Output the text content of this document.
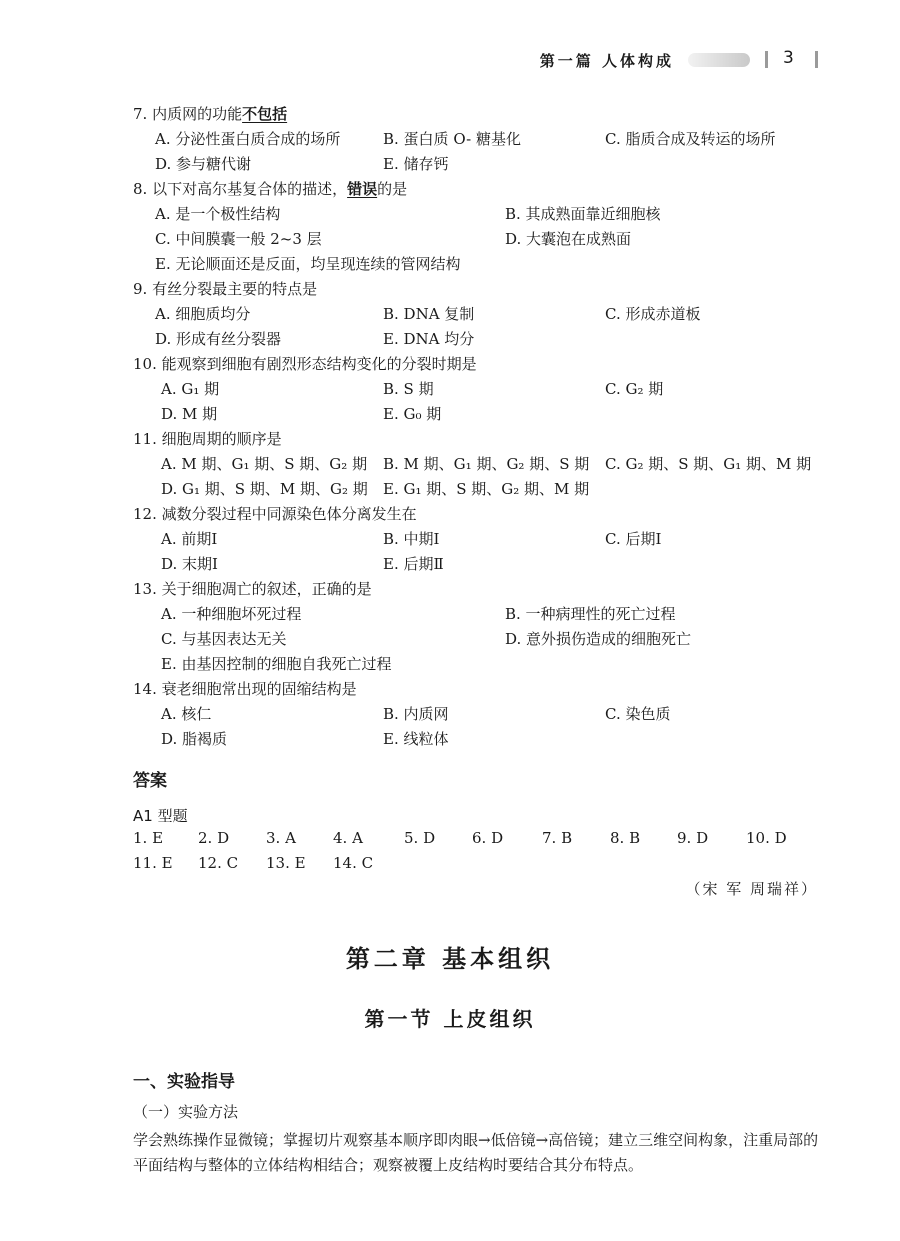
第一篇 人体构成	3
7. 内质网的功能不包括
A. 分泌性蛋白质合成的场所	B. 蛋白质 O- 糖基化	C. 脂质合成及转运的场所
D. 参与糖代谢	E. 储存钙
8. 以下对高尔基复合体的描述，错误的是
A. 是一个极性结构	B. 其成熟面靠近细胞核
C. 中间膜囊一般 2~3 层	D. 大囊泡在成熟面
E. 无论顺面还是反面，均呈现连续的管网结构
9. 有丝分裂最主要的特点是
A. 细胞质均分	B. DNA 复制	C. 形成赤道板
D. 形成有丝分裂器	E. DNA 均分
10. 能观察到细胞有剧烈形态结构变化的分裂时期是
A. G₁ 期	B. S 期	C. G₂ 期
D. M 期	E. G₀ 期
11. 细胞周期的顺序是
A. M 期、G₁ 期、S 期、G₂ 期 B. M 期、G₁ 期、G₂ 期、S 期 C. G₂ 期、S 期、G₁ 期、M 期
D. G₁ 期、S 期、M 期、G₂ 期 E. G₁ 期、S 期、G₂ 期、M 期
12. 减数分裂过程中同源染色体分离发生在
A. 前期Ⅰ	B. 中期Ⅰ	C. 后期Ⅰ
D. 末期Ⅰ	E. 后期Ⅱ
13. 关于细胞凋亡的叙述，正确的是
A. 一种细胞坏死过程	B. 一种病理性的死亡过程
C. 与基因表达无关	D. 意外损伤造成的细胞死亡
E. 由基因控制的细胞自我死亡过程
14. 衰老细胞常出现的固缩结构是
A. 核仁	B. 内质网	C. 染色质
D. 脂褐质	E. 线粒体
答案
A1 型题
1. E 2. D 3. A 4. A	5. D 6. D	7. B	8. B 9. D	10. D
11. E 12. C 13. E 14. C
（宋 军 周瑞祥）
第二章 基本组织
第一节 上皮组织
一、实验指导
（一）实验方法
学会熟练操作显微镜；掌握切片观察基本顺序即肉眼→低倍镜→高倍镜；建立三维空间构象，注重局部的平面结构与整体的立体结构相结合；观察被覆上皮结构时要结合其分布特点。
